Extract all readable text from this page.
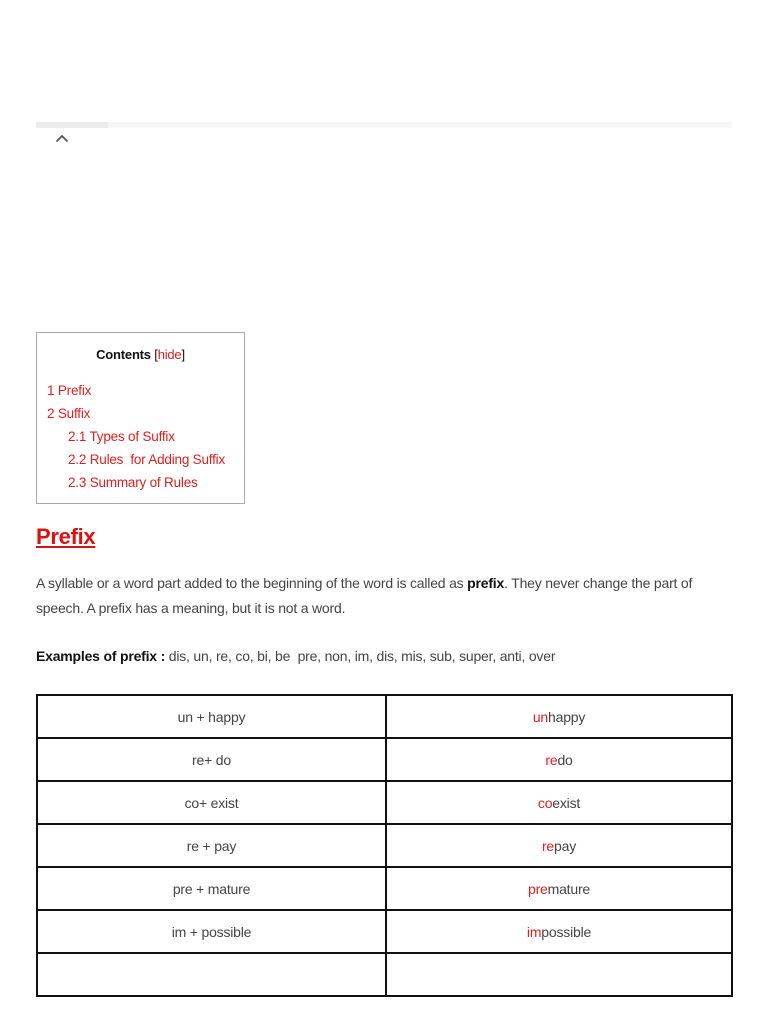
Contents [hide]
1 Prefix
2 Suffix
2.1 Types of Suffix
2.2 Rules  for Adding Suffix
2.3 Summary of Rules
Prefix
A syllable or a word part added to the beginning of the word is called as prefix. They never change the part of speech. A prefix has a meaning, but it is not a word.
Examples of prefix : dis, un, re, co, bi, be  pre, non, im, dis, mis, sub, super, anti, over
un + happy	unhappy
re+ do	redo
co+ exist	coexist
re + pay	repay
pre + mature	premature
im + possible	impossible
